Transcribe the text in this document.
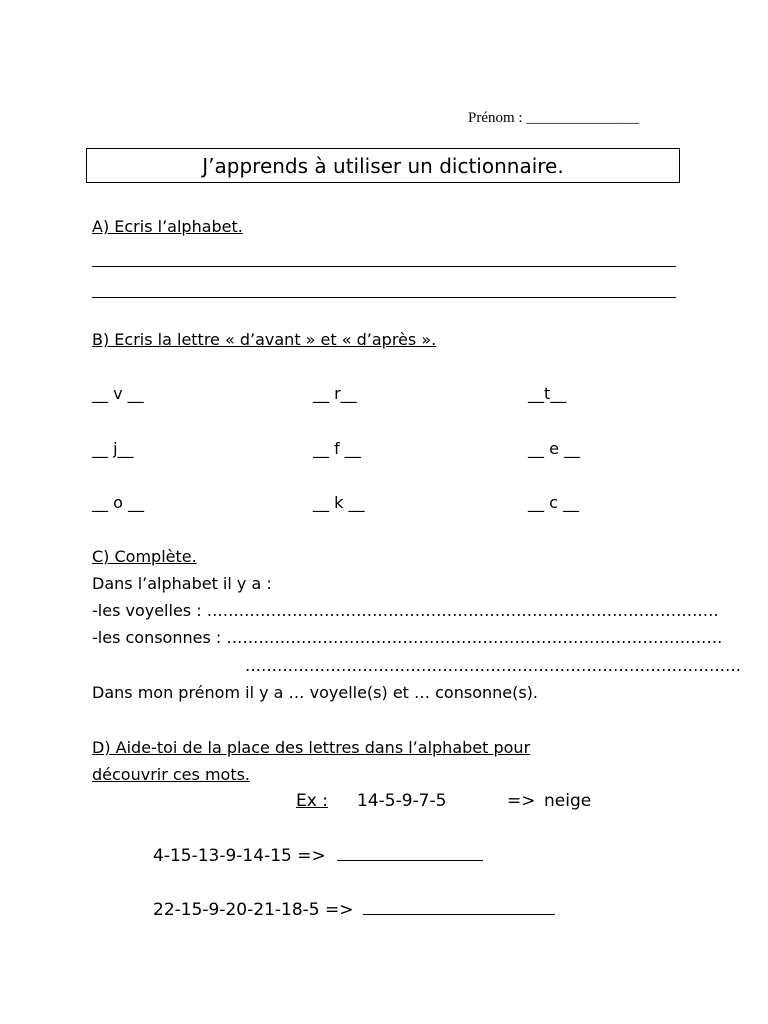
Prénom : _______________
J’apprends à utiliser un dictionnaire.
A) Ecris l’alphabet.
B) Ecris la lettre « d’avant » et « d’après ».
__ v __	__ r__	__t__
__ j__	__ f __	__ e __
__ o __	__ k __	__ c __
C) Complète.
Dans l’alphabet il y a :
-les voyelles : ……………………………………………………………………………………
-les consonnes : …………………………………………………………………………………
…………………………………………………………………………………
Dans mon prénom il y a … voyelle(s) et … consonne(s).
D) Aide-toi de la place des lettres dans l’alphabet pour
découvrir ces mots.
Ex : 14-5-9-7-5	=> neige
4-15-13-9-14-15 =>
22-15-9-20-21-18-5 =>
